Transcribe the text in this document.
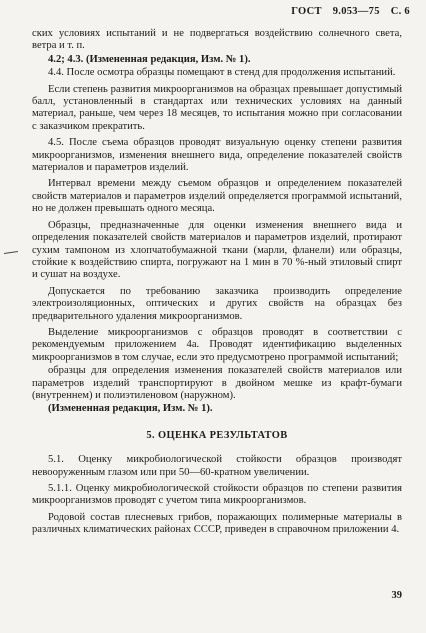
ГОСТ 9.053—75 С. 6

ских условиях испытаний и не подвергаться воздействию солнечного света, ветра и т. п.

4.2; 4.3. (Измененная редакция, Изм. № 1).

4.4. После осмотра образцы помещают в стенд для продолжения испытаний.

Если степень развития микроорганизмов на образцах превышает допустимый балл, установленный в стандартах или технических условиях на данный материал, раньше, чем через 18 месяцев, то испытания можно при согласовании с заказчиком прекратить.

4.5. После съема образцов проводят визуальную оценку степени развития микроорганизмов, изменения внешнего вида, определение показателей свойств материалов и параметров изделий.

Интервал времени между съемом образцов и определением показателей свойств материалов и параметров изделий определяется программой испытаний, но не должен превышать одного месяца.

Образцы, предназначенные для оценки изменения внешнего вида и определения показателей свойств материалов и параметров изделий, протирают сухим тампоном из хлопчатобумажной ткани (марли, фланели) или образцы, стойкие к воздействию спирта, погружают на 1 мин в 70 %-ный этиловый спирт и сушат на воздухе.

Допускается по требованию заказчика производить определение электроизоляционных, оптических и других свойств на образцах без предварительного удаления микроорганизмов.

Выделение микроорганизмов с образцов проводят в соответствии с рекомендуемым приложением 4а. Проводят идентификацию выделенных микроорганизмов в том случае, если это предусмотрено программой испытаний;

образцы для определения изменения показателей свойств материалов или параметров изделий транспортируют в двойном мешке из крафт-бумаги (внутреннем) и полиэтиленовом (наружном).

(Измененная редакция, Изм. № 1).

5. ОЦЕНКА РЕЗУЛЬТАТОВ

5.1. Оценку микробиологической стойкости образцов производят невооруженным глазом или при 50—60-кратном увеличении.

5.1.1. Оценку микробиологической стойкости образцов по степени развития микроорганизмов проводят с учетом типа микроорганизмов.

Родовой состав плесневых грибов, поражающих полимерные материалы в различных климатических районах СССР, приведен в справочном приложении 4.

39
